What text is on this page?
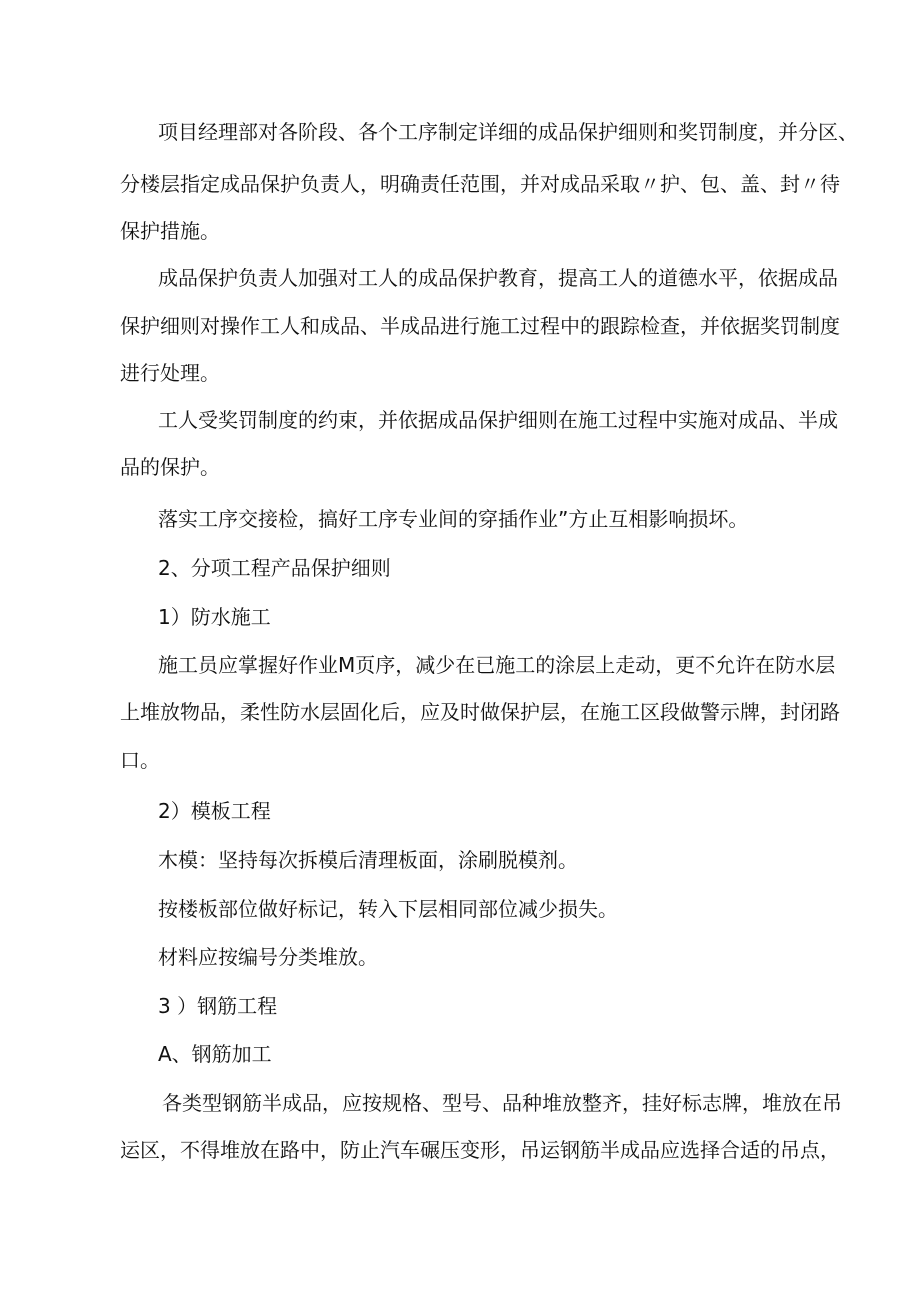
项目经理部对各阶段、各个工序制定详细的成品保护细则和奖罚制度，并分区、
分楼层指定成品保护负责人，明确责任范围，并对成品采取〃护、包、盖、封〃待
保护措施。
成品保护负责人加强对工人的成品保护教育，提高工人的道德水平，依据成品
保护细则对操作工人和成品、半成品进行施工过程中的跟踪检查，并依据奖罚制度
进行处理。
工人受奖罚制度的约束，并依据成品保护细则在施工过程中实施对成品、半成
品的保护。
落实工序交接检，搞好工序专业间的穿插作业”方止互相影响损坏。
2、分项工程产品保护细则
1）防水施工
施工员应掌握好作业M页序，减少在已施工的涂层上走动，更不允许在防水层
上堆放物品，柔性防水层固化后，应及时做保护层，在施工区段做警示牌，封闭路
口。
2）模板工程
木模：坚持每次拆模后清理板面，涂刷脱模剂。
按楼板部位做好标记，转入下层相同部位减少损失。
材料应按编号分类堆放。
3 ）钢筋工程
A、钢筋加工
各类型钢筋半成品，应按规格、型号、品种堆放整齐，挂好标志牌，堆放在吊
运区，不得堆放在路中，防止汽车碾压变形，吊运钢筋半成品应选择合适的吊点，
